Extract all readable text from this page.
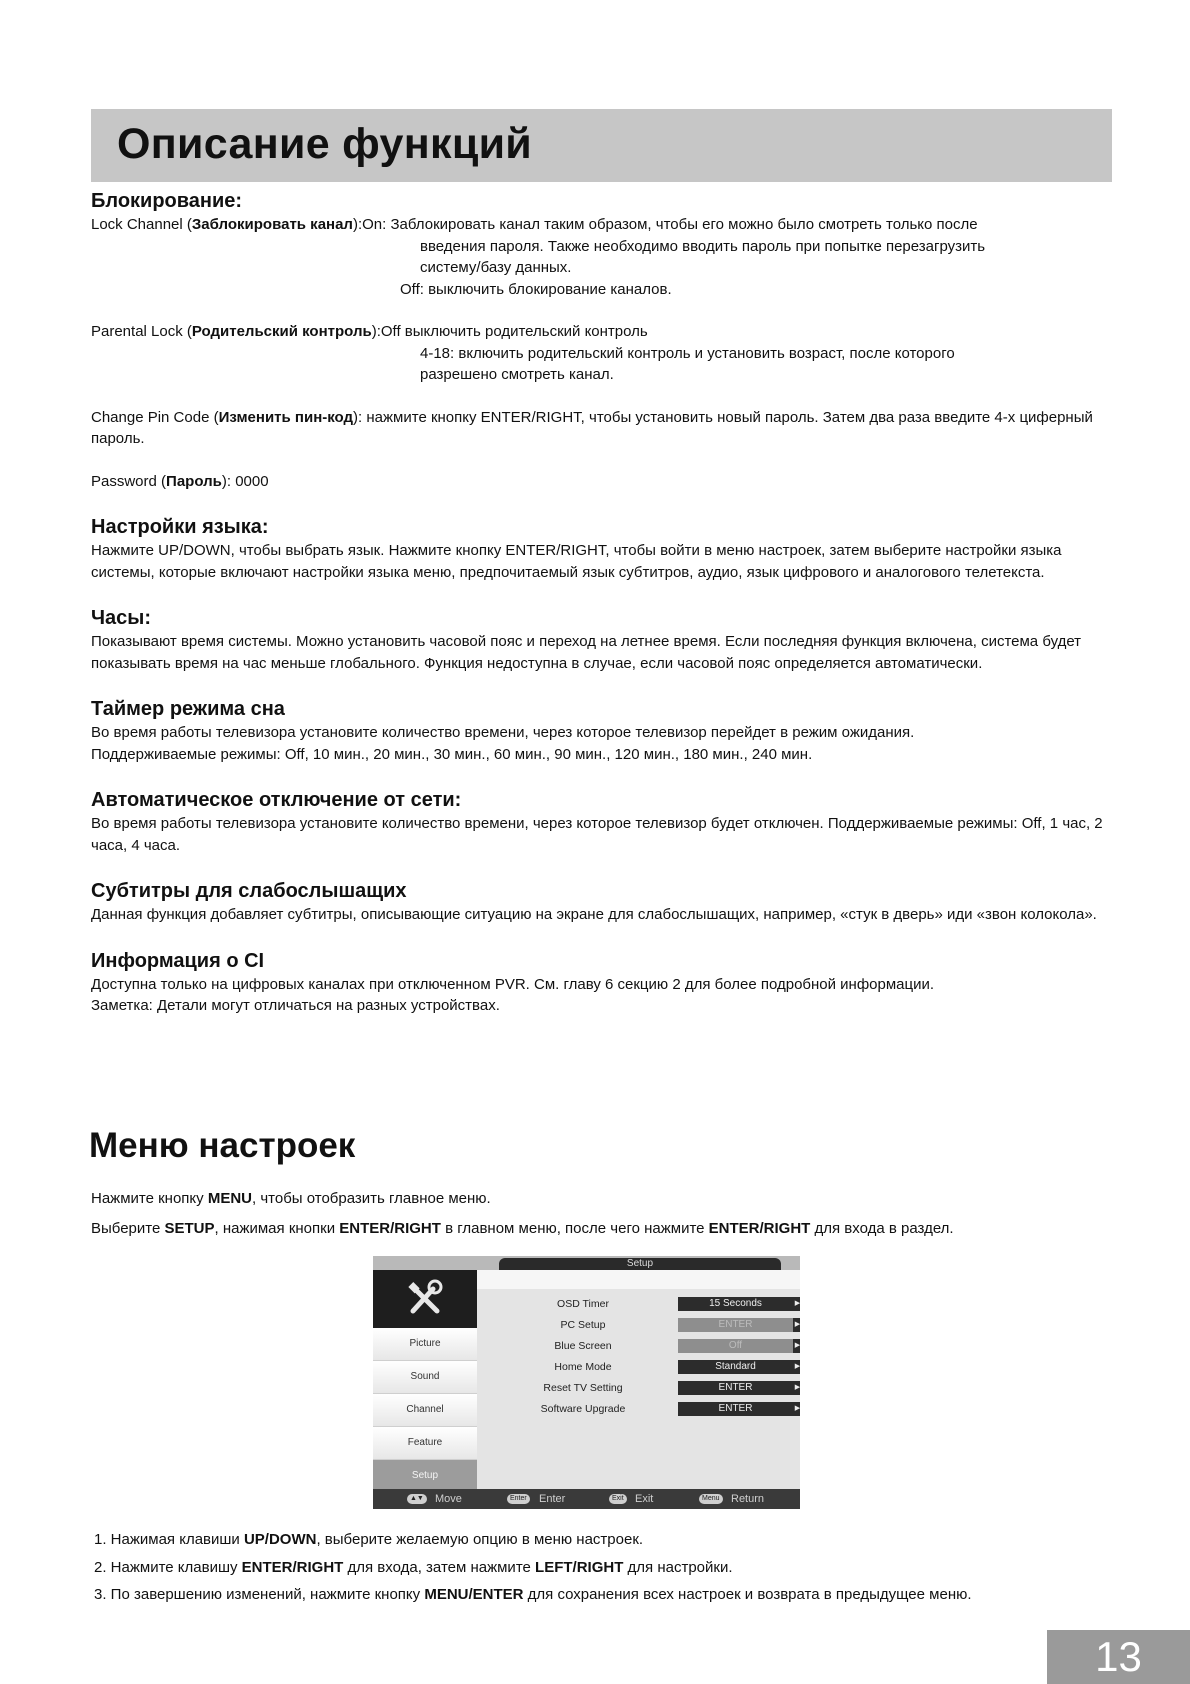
Описание функций
Блокирование:
Lock Channel (Заблокировать канал): On: Заблокировать канал таким образом, чтобы его можно было смотреть только после

введения пароля. Также необходимо вводить пароль при попытке перезагрузить

систему/базу данных.

Off: выключить блокирование каналов.

Parental Lock (Родительский контроль): Off выключить родительский контроль

4-18: включить родительский контроль и установить возраст, после которого

разрешено смотреть канал.

Change Pin Code (Изменить пин-код): нажмите кнопку ENTER/RIGHT, чтобы установить новый пароль. Затем два раза введите 4-х циферный пароль.

Password (Пароль): 0000

Настройки языка:

Нажмите UP/DOWN, чтобы выбрать язык. Нажмите кнопку ENTER/RIGHT, чтобы войти в меню настроек, затем выберите настройки языка системы, которые включают настройки языка меню, предпочитаемый язык субтитров, аудио, язык цифрового и аналогового телетекста.

Часы:

Показывают время системы. Можно установить часовой пояс и переход на летнее время. Если последняя функция включена, система будет показывать время на час меньше глобального. Функция недоступна в случае, если часовой пояс определяется автоматически.

Таймер режима сна

Во время работы телевизора установите количество времени, через которое телевизор перейдет в режим ожидания.

Поддерживаемые режимы: Off, 10 мин., 20 мин., 30 мин., 60 мин., 90 мин., 120 мин., 180 мин., 240 мин.

Автоматическое отключение от сети:

Во время работы телевизора установите количество времени, через которое телевизор будет отключен. Поддерживаемые режимы: Off, 1 час, 2 часа, 4 часа.

Субтитры для слабослышащих

Данная функция добавляет субтитры, описывающие ситуацию на экране для слабослышащих, например, «стук в дверь» иди «звон колокола».

Информация о CI

Доступна только на цифровых каналах при отключенном PVR. См. главу 6 секцию 2 для более подробной информации.

Заметка: Детали могут отличаться на разных устройствах.

Меню настроек

Нажмите кнопку MENU, чтобы отобразить главное меню.

Выберите SETUP, нажимая кнопки ENTER/RIGHT в главном меню, после чего нажмите ENTER/RIGHT для входа в раздел.

Setup
Picture
Sound
Channel
Feature
Setup
OSD Timer	15 Seconds	▶
PC Setup	ENTER	▶
Blue Screen	Off	▶
Home Mode	Standard	▶
Reset TV Setting	ENTER	▶
Software Upgrade	ENTER	▶
▲▼ Move	Enter Enter	Exit Exit	Menu Return

1. Нажимая клавиши UP/DOWN, выберите желаемую опцию в меню настроек.

2. Нажмите клавишу ENTER/RIGHT для входа, затем нажмите LEFT/RIGHT для настройки.

3. По завершению изменений, нажмите кнопку MENU/ENTER для сохранения всех настроек и возврата в предыдущее меню.

13
